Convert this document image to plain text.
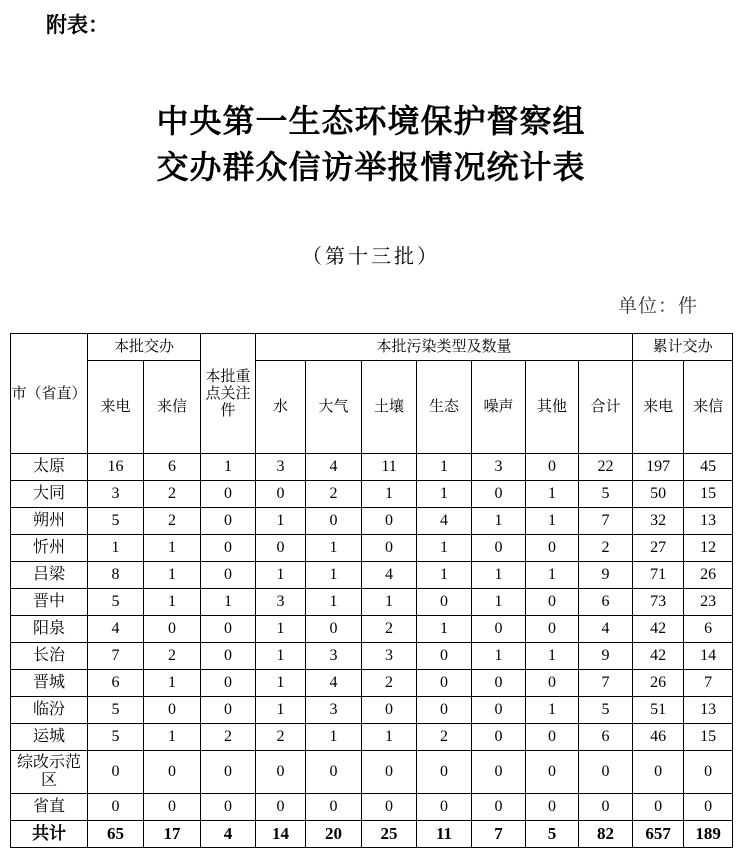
附表：
中央第一生态环境保护督察组
交办群众信访举报情况统计表
（第十三批）
单位：件
市（省直）	本批交办		本批重点关注件	本批污染类型及数量							累计交办	
	来电	来信		水	大气	土壤	生态	噪声	其他	合计	来电	来信
太原	16	6	1	3	4	11	1	3	0	22	197	45
大同	3	2	0	0	2	1	1	0	1	5	50	15
朔州	5	2	0	1	0	0	4	1	1	7	32	13
忻州	1	1	0	0	1	0	1	0	0	2	27	12
吕梁	8	1	0	1	1	4	1	1	1	9	71	26
晋中	5	1	1	3	1	1	0	1	0	6	73	23
阳泉	4	0	0	1	0	2	1	0	0	4	42	6
长治	7	2	0	1	3	3	0	1	1	9	42	14
晋城	6	1	0	1	4	2	0	0	0	7	26	7
临汾	5	0	0	1	3	0	0	0	1	5	51	13
运城	5	1	2	2	1	1	2	0	0	6	46	15
综改示范区	0	0	0	0	0	0	0	0	0	0	0	0
省直	0	0	0	0	0	0	0	0	0	0	0	0
共计	65	17	4	14	20	25	11	7	5	82	657	189
